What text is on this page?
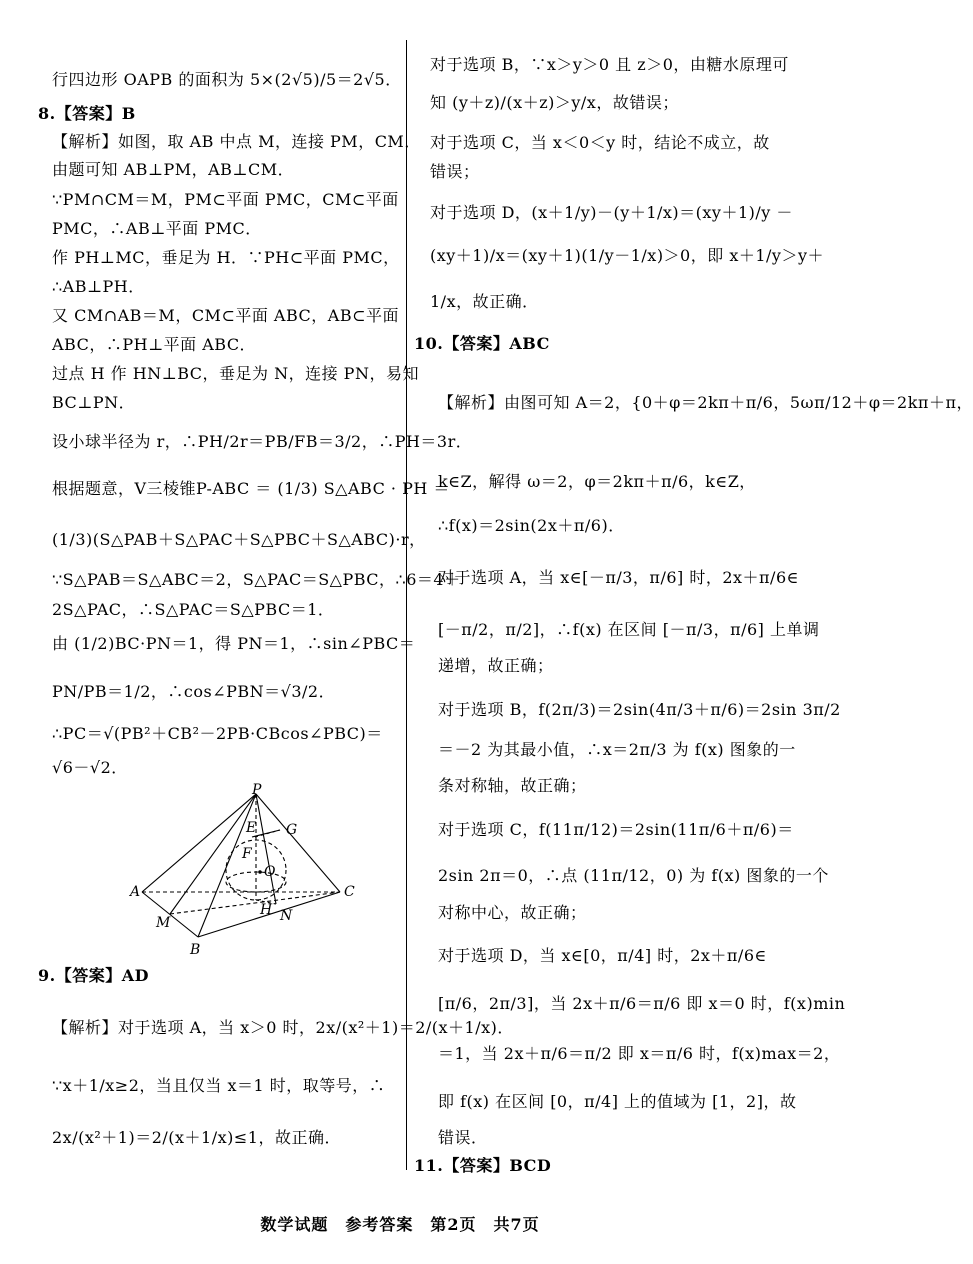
行四边形 OAPB 的面积为 5×(2√5)/5＝2√5．
8.【答案】B
【解析】如图，取 AB 中点 M，连接 PM，CM．
由题可知 AB⊥PM，AB⊥CM．
∵PM∩CM＝M，PM⊂平面 PMC，CM⊂平面
PMC，∴AB⊥平面 PMC．
作 PH⊥MC，垂足为 H．∵PH⊂平面 PMC，
∴AB⊥PH．
又 CM∩AB＝M，CM⊂平面 ABC，AB⊂平面
ABC，∴PH⊥平面 ABC．
过点 H 作 HN⊥BC，垂足为 N，连接 PN，易知
BC⊥PN．
设小球半径为 r，∴PH/2r＝PB/FB＝3/2，∴PH＝3r．
根据题意，V三棱锥P-ABC ＝ (1/3) S△ABC · PH ＝
(1/3)(S△PAB＋S△PAC＋S△PBC＋S△ABC)·r，
∵S△PAB＝S△ABC＝2，S△PAC＝S△PBC，∴6＝4＋
2S△PAC，∴S△PAC＝S△PBC＝1．
由 (1/2)BC·PN＝1，得 PN＝1，∴sin∠PBC＝
PN/PB＝1/2，∴cos∠PBN＝√3/2．
∴PC＝√(PB²＋CB²－2PB·CBcos∠PBC)＝
√6－√2．
P
E G
F
O
A	C
H
M	N
B
9.【答案】AD
【解析】对于选项 A，当 x＞0 时，2x/(x²＋1)＝2/(x＋1/x)．
∵x＋1/x≥2，当且仅当 x＝1 时，取等号，∴
2x/(x²＋1)＝2/(x＋1/x)≤1，故正确．
对于选项 B，∵x＞y＞0 且 z＞0，由糖水原理可
知 (y＋z)/(x＋z)＞y/x，故错误；
对于选项 C，当 x＜0＜y 时，结论不成立，故
错误；
对于选项 D，(x＋1/y)－(y＋1/x)＝(xy＋1)/y －
(xy＋1)/x＝(xy＋1)(1/y－1/x)＞0，即 x＋1/y＞y＋
1/x，故正确．
10.【答案】ABC
【解析】由图可知 A＝2，{0＋φ＝2kπ＋π/6，5ωπ/12＋φ＝2kπ＋π，
k∈Z，解得 ω＝2，φ＝2kπ＋π/6，k∈Z，
∴f(x)＝2sin(2x＋π/6)．
对于选项 A，当 x∈[－π/3，π/6] 时，2x＋π/6∈
[－π/2，π/2]，∴f(x) 在区间 [－π/3，π/6] 上单调
递增，故正确；
对于选项 B，f(2π/3)＝2sin(4π/3＋π/6)＝2sin 3π/2
＝－2 为其最小值，∴x＝2π/3 为 f(x) 图象的一
条对称轴，故正确；
对于选项 C，f(11π/12)＝2sin(11π/6＋π/6)＝
2sin 2π＝0，∴点 (11π/12，0) 为 f(x) 图象的一个
对称中心，故正确；
对于选项 D，当 x∈[0，π/4] 时，2x＋π/6∈
[π/6，2π/3]，当 2x＋π/6＝π/6 即 x＝0 时，f(x)min
＝1，当 2x＋π/6＝π/2 即 x＝π/6 时，f(x)max＝2，
即 f(x) 在区间 [0，π/4] 上的值域为 [1，2]，故
错误．
11.【答案】BCD
数学试题　参考答案　第2页　共7页
